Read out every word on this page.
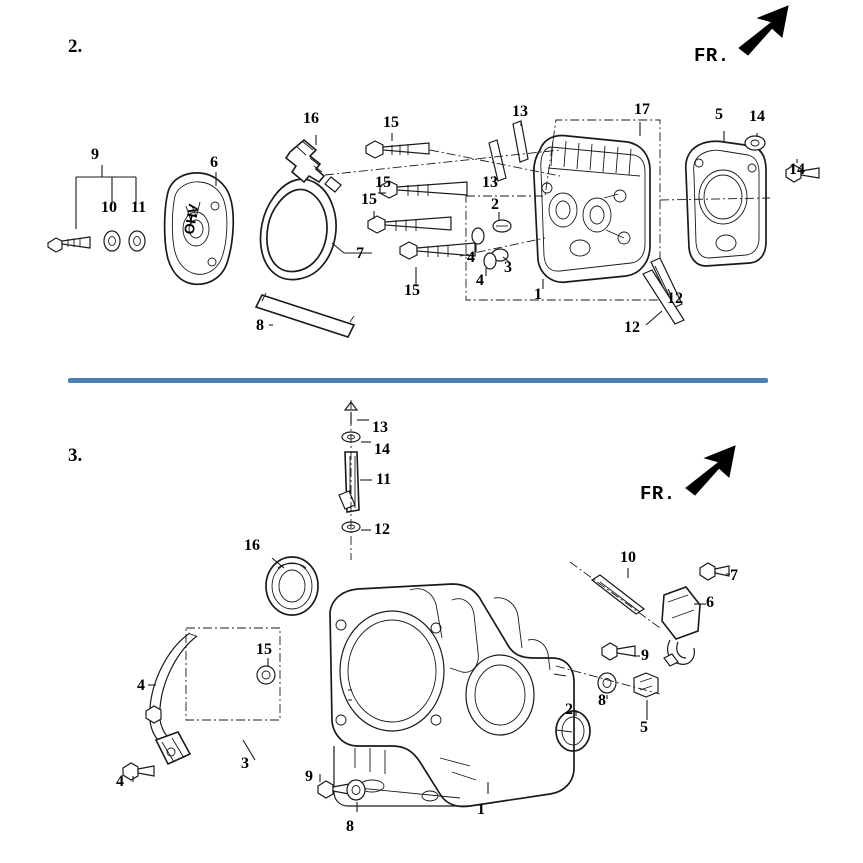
2.	FR.
OHV
9	6
16	15
13	17	5 14
14
10 11
15	13
15	2
7	4
3
4
15	1	12
12
8
3.
FR.
13
14
11
12
16
10
7
6
9
15
4
8
5
2
3
4	9
1
8
